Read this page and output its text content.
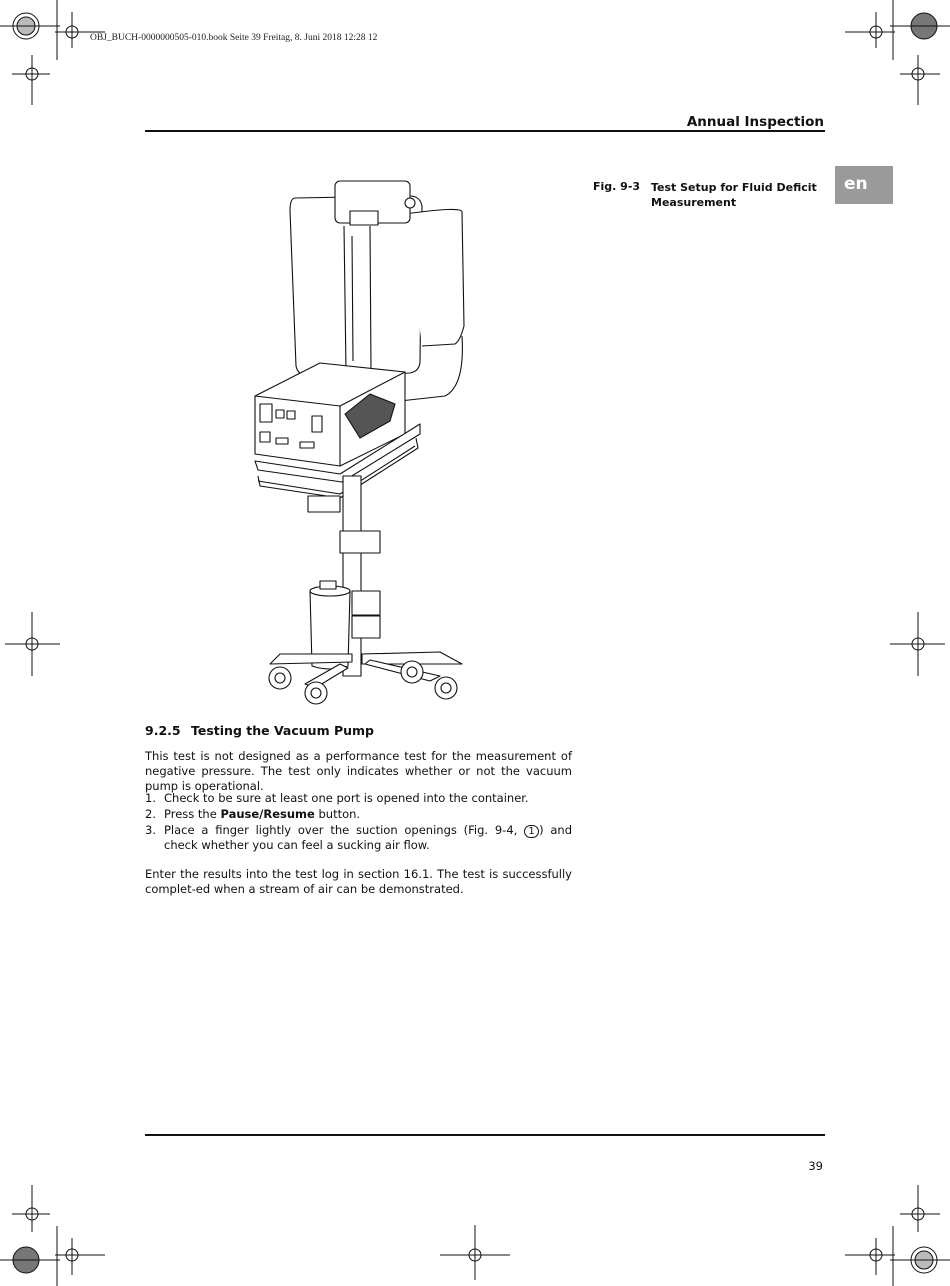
OBJ_BUCH-0000000505-010.book Seite 39 Freitag, 8. Juni 2018 12:28 12
Annual Inspection
en
Fig. 9-3 Test Setup for Fluid Deficit Measurement
9.2.5 Testing the Vacuum Pump
This test is not designed as a performance test for the measurement of negative pressure. The test only indicates whether or not the vacuum pump is operational.
1. Check to be sure at least one port is opened into the container.
2. Press the Pause/Resume button.
3. Place a finger lightly over the suction openings (Fig. 9-4, 1 ) and check whether you can feel a sucking air flow.
Enter the results into the test log in section 16.1. The test is successfully complet-ed when a stream of air can be demonstrated.
39
